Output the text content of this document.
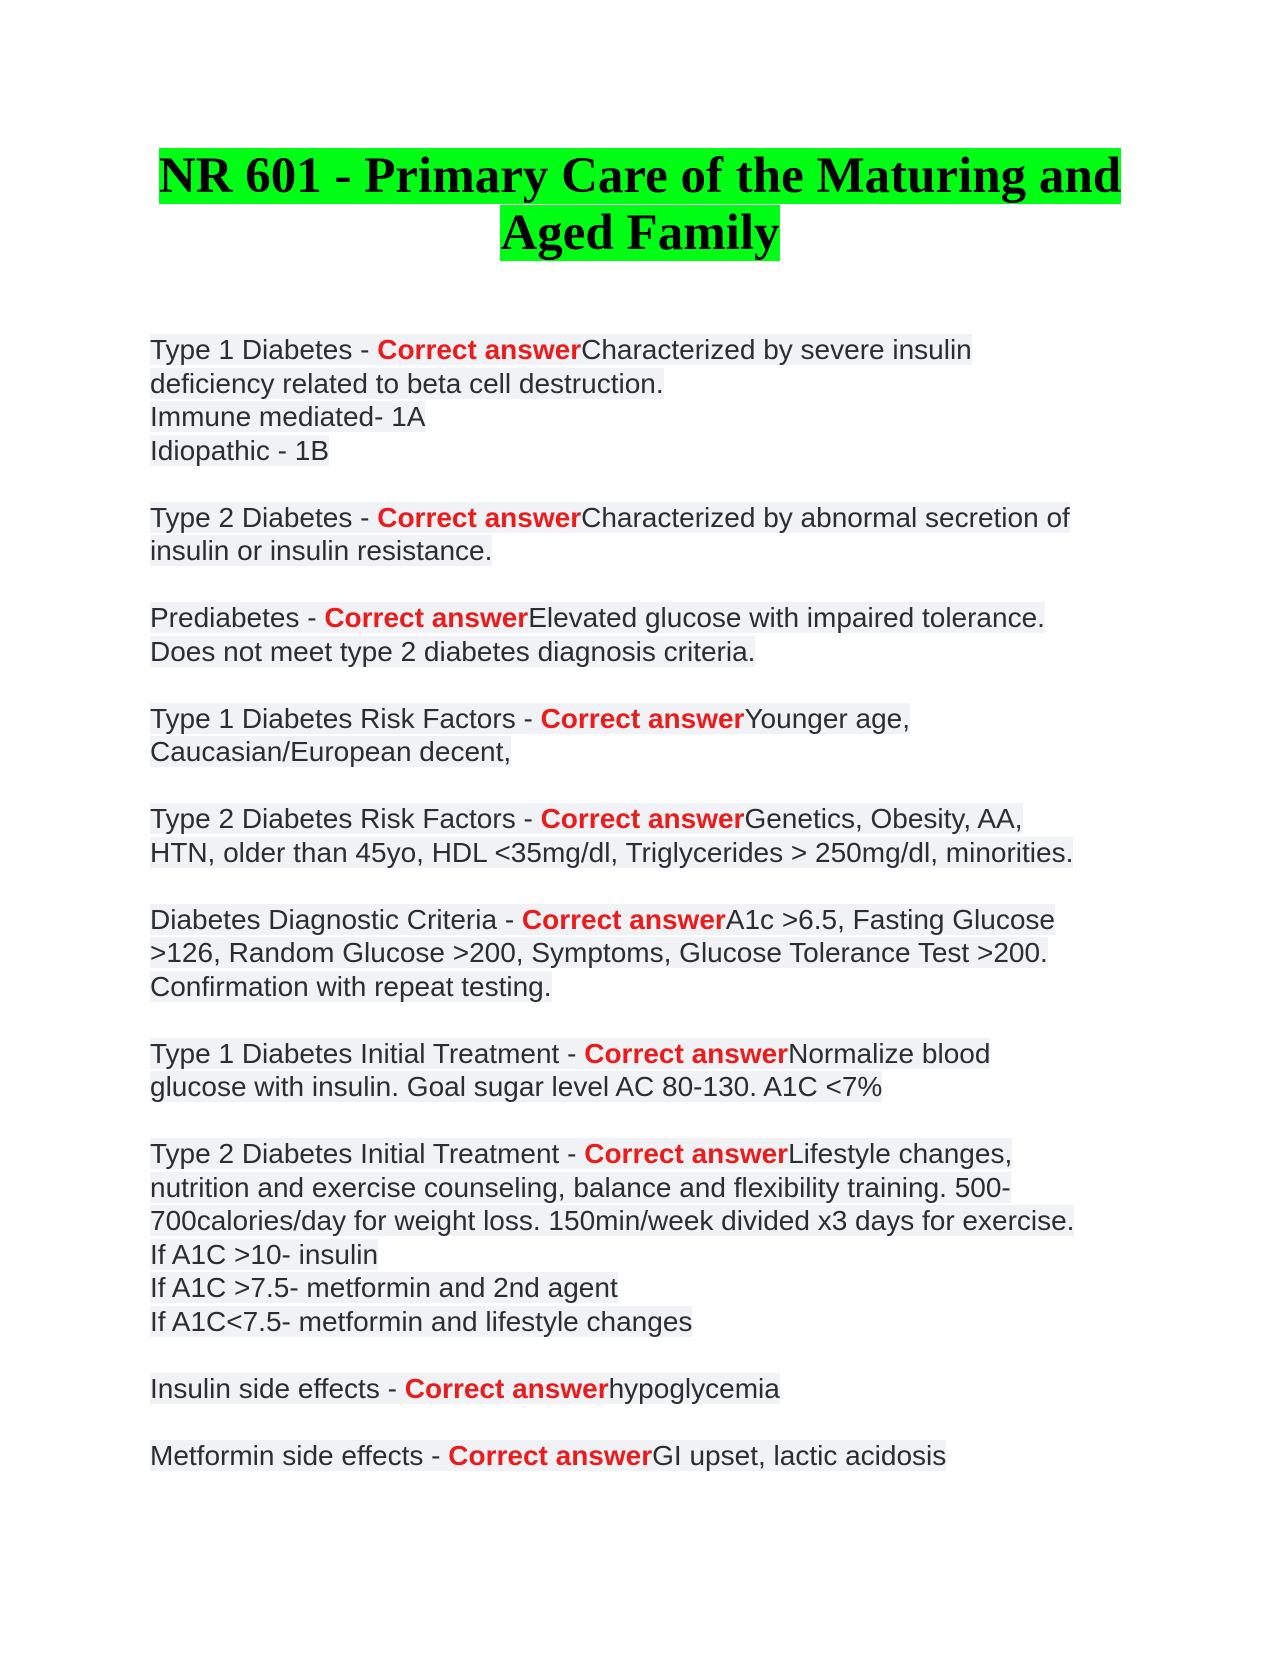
NR 601 - Primary Care of the Maturing and
Aged Family
Type 1 Diabetes - Correct answerCharacterized by severe insulin
deficiency related to beta cell destruction.
Immune mediated- 1A
Idiopathic - 1B
Type 2 Diabetes - Correct answerCharacterized by abnormal secretion of
insulin or insulin resistance.
Prediabetes - Correct answerElevated glucose with impaired tolerance.
Does not meet type 2 diabetes diagnosis criteria.
Type 1 Diabetes Risk Factors - Correct answerYounger age,
Caucasian/European decent,
Type 2 Diabetes Risk Factors - Correct answerGenetics, Obesity, AA,
HTN, older than 45yo, HDL <35mg/dl, Triglycerides > 250mg/dl, minorities.
Diabetes Diagnostic Criteria - Correct answerA1c >6.5, Fasting Glucose
>126, Random Glucose >200, Symptoms, Glucose Tolerance Test >200.
Confirmation with repeat testing.
Type 1 Diabetes Initial Treatment - Correct answerNormalize blood
glucose with insulin. Goal sugar level AC 80-130. A1C <7%
Type 2 Diabetes Initial Treatment - Correct answerLifestyle changes,
nutrition and exercise counseling, balance and flexibility training. 500-
700calories/day for weight loss. 150min/week divided x3 days for exercise.
If A1C >10- insulin
If A1C >7.5- metformin and 2nd agent
If A1C<7.5- metformin and lifestyle changes
Insulin side effects - Correct answerhypoglycemia
Metformin side effects - Correct answerGI upset, lactic acidosis
